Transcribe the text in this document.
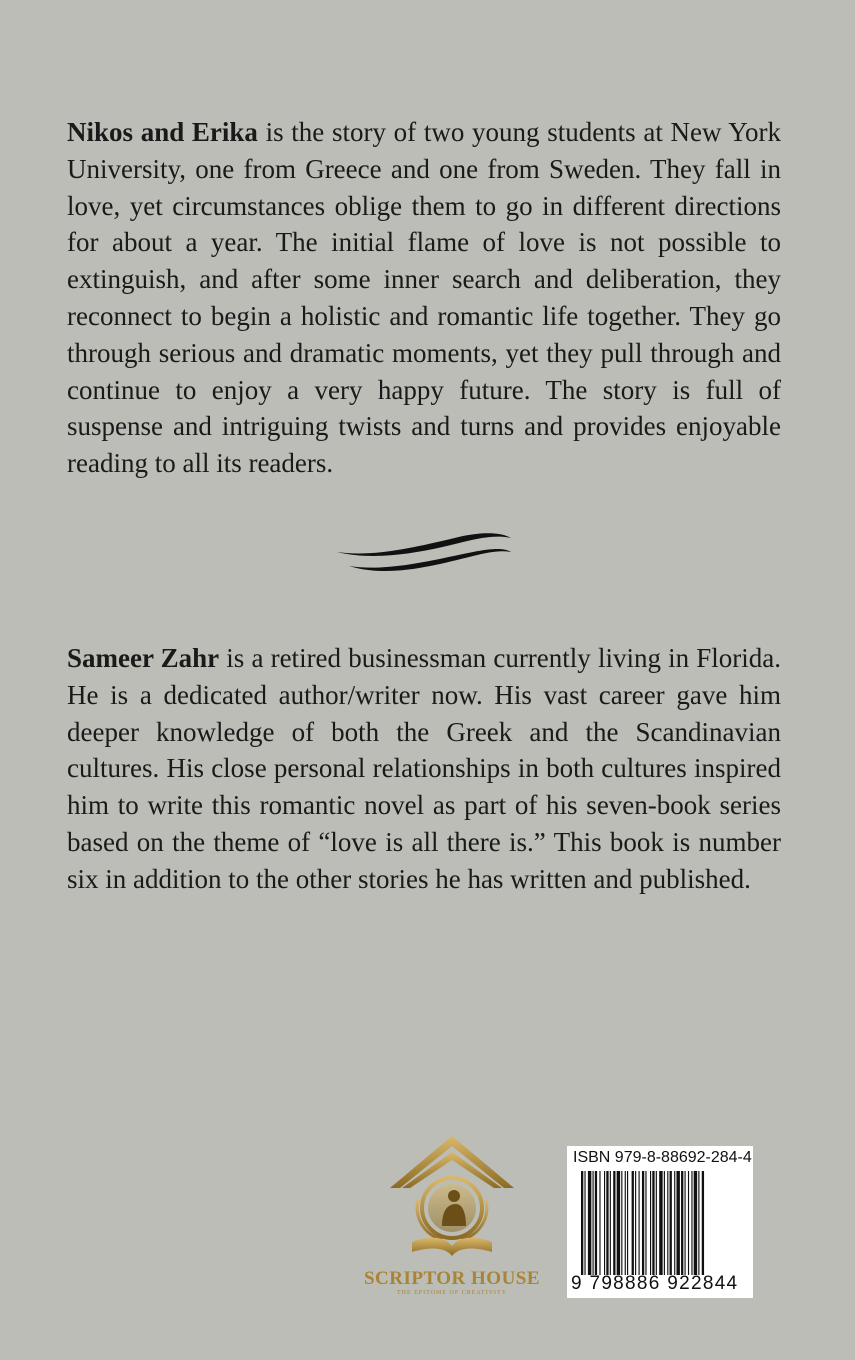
Nikos and Erika is the story of two young students at New York University, one from Greece and one from Sweden. They fall in love, yet circumstances oblige them to go in different directions for about a year. The initial flame of love is not possible to extinguish, and after some inner search and deliberation, they reconnect to begin a holistic and romantic life together. They go through serious and dramatic moments, yet they pull through and continue to enjoy a very happy future. The story is full of suspense and intriguing twists and turns and provides enjoyable reading to all its readers.

Sameer Zahr is a retired businessman currently living in Florida. He is a dedicated author/writer now. His vast career gave him deeper knowledge of both the Greek and the Scandinavian cultures. His close personal relationships in both cultures inspired him to write this romantic novel as part of his seven-book series based on the theme of “love is all there is.” This book is number six in addition to the other stories he has written and published.

SCRIPTOR HOUSE
THE EPITOME OF CREATIVITY
ISBN 979-8-88692-284-4
9 798886 922844
